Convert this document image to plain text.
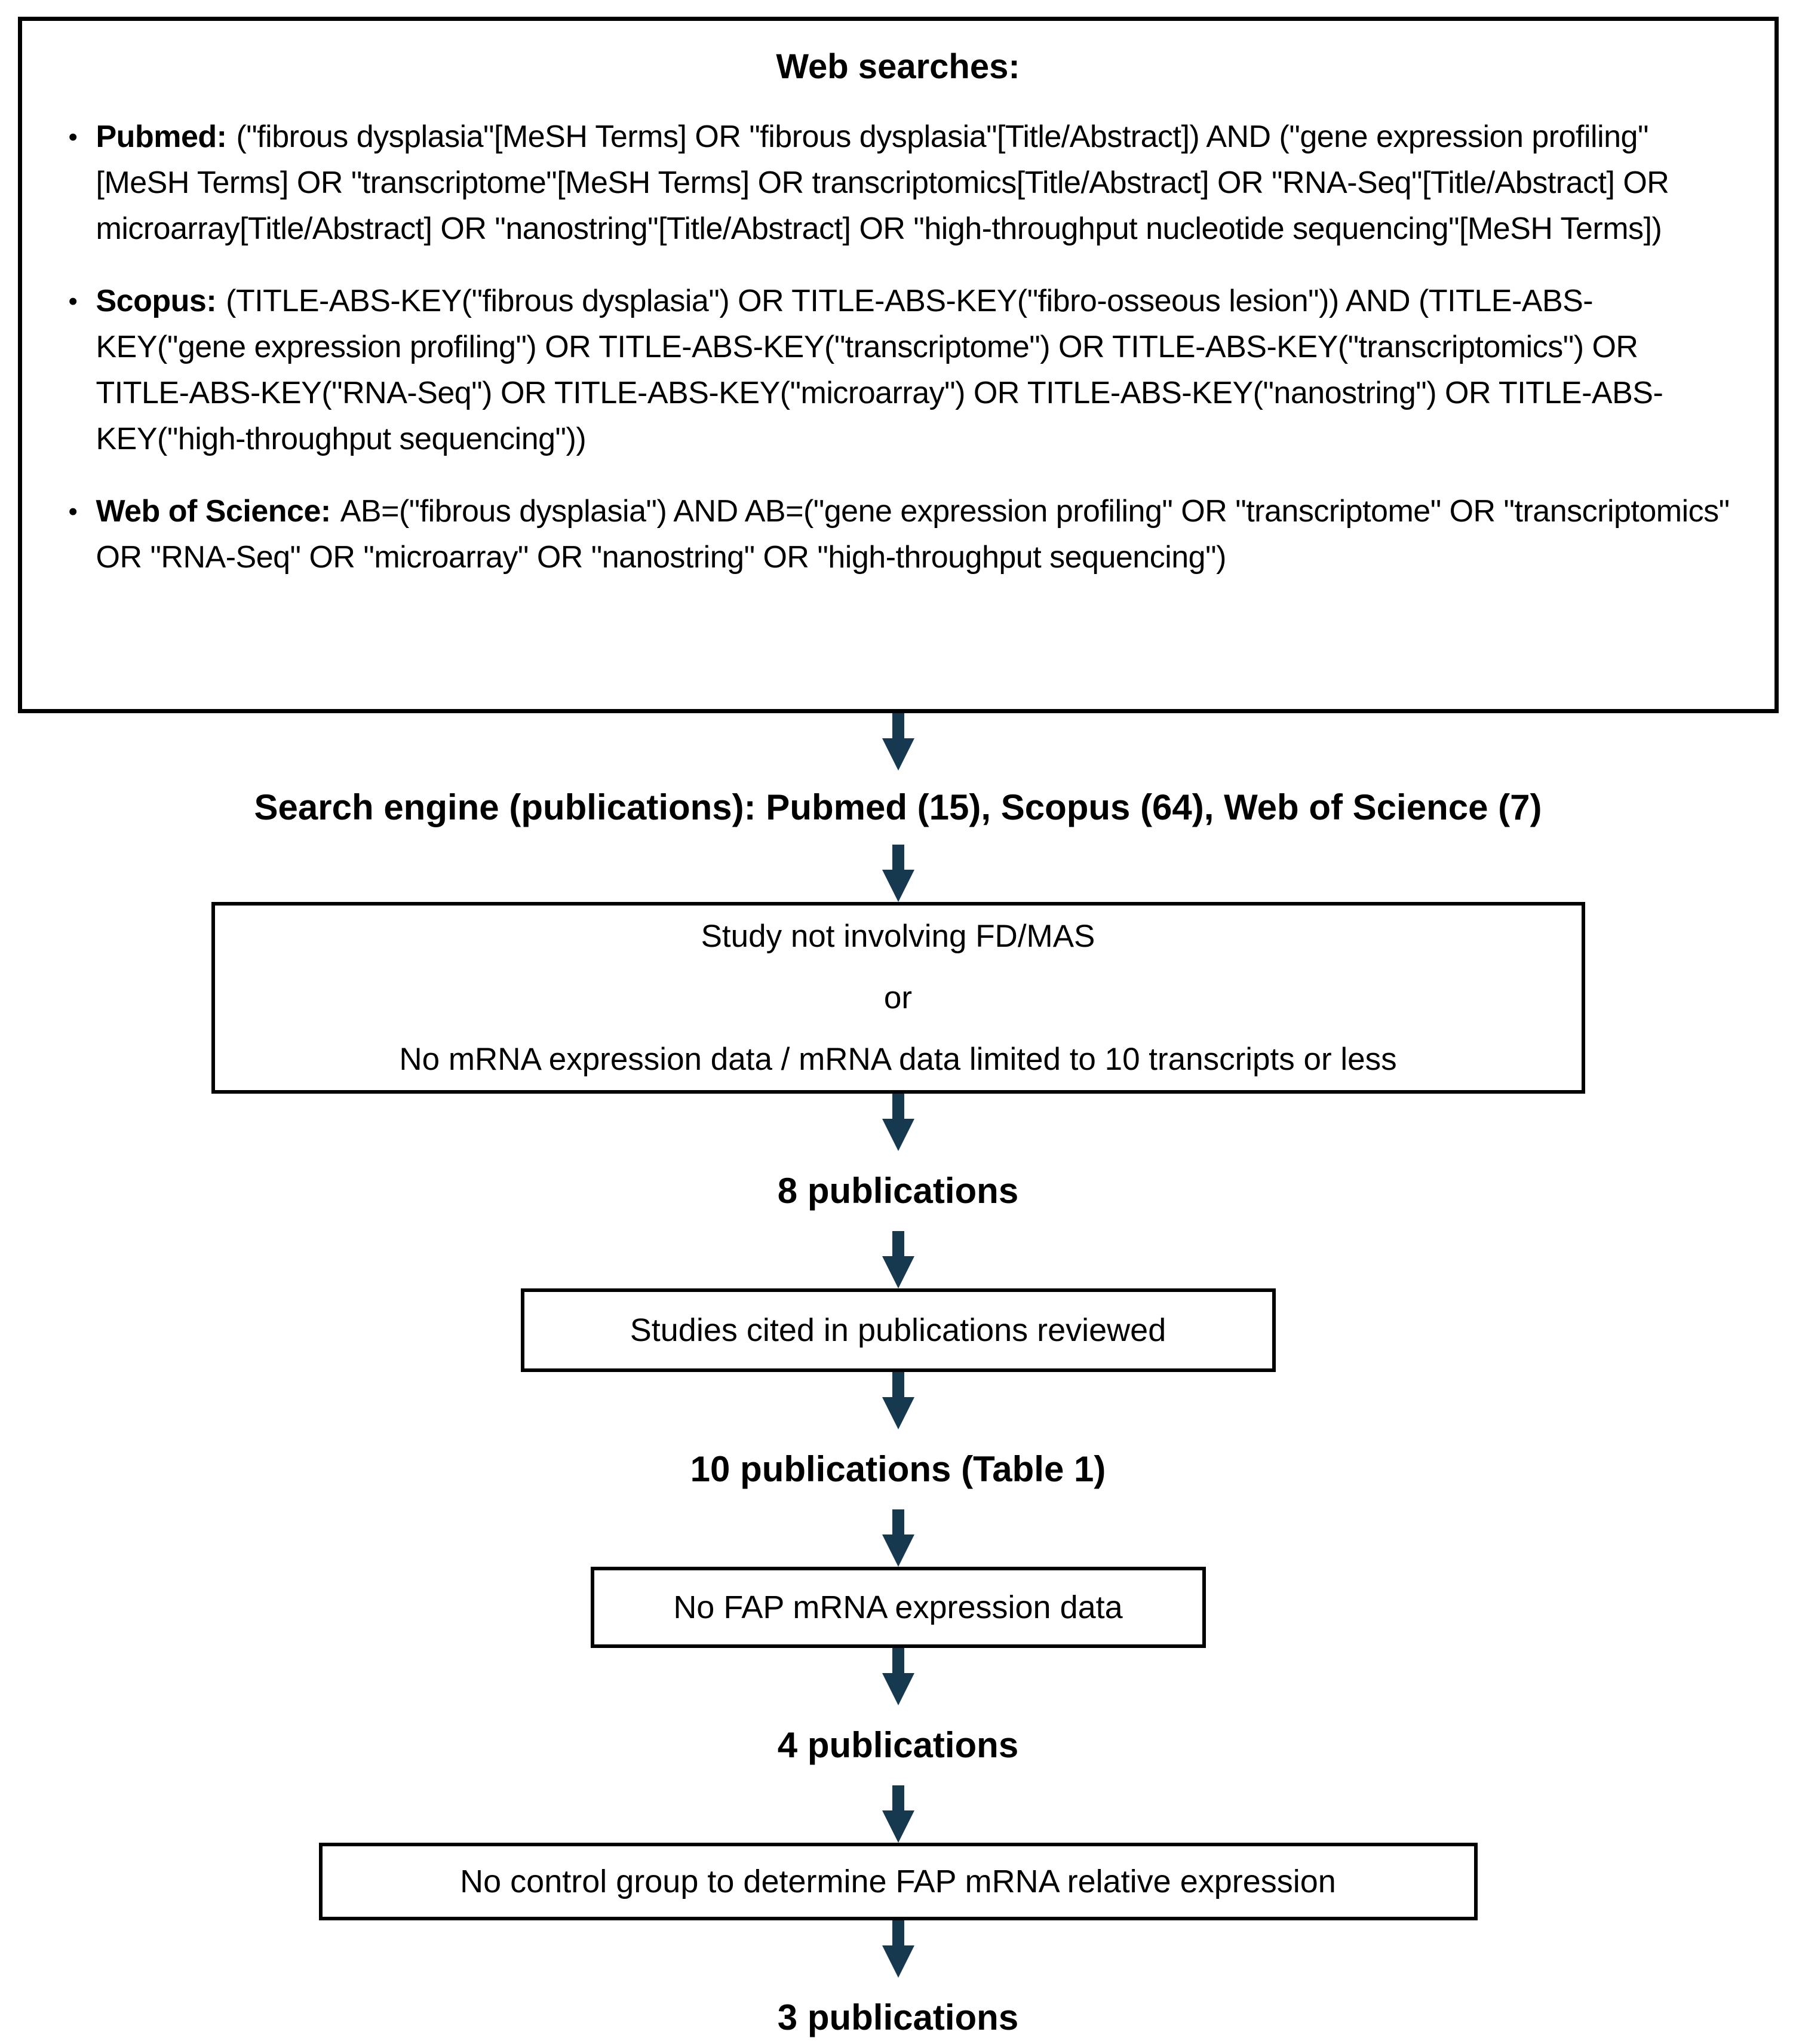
Web searches:
• Pubmed: ("fibrous dysplasia"[MeSH Terms] OR "fibrous dysplasia"[Title/Abstract]) AND ("gene expression profiling"[MeSH Terms] OR "transcriptome"[MeSH Terms] OR transcriptomics[Title/Abstract] OR "RNA-Seq"[Title/Abstract] OR microarray[Title/Abstract] OR "nanostring"[Title/Abstract] OR "high-throughput nucleotide sequencing"[MeSH Terms])
• Scopus: (TITLE-ABS-KEY("fibrous dysplasia") OR TITLE-ABS-KEY("fibro-osseous lesion")) AND (TITLE-ABS-KEY("gene expression profiling") OR TITLE-ABS-KEY("transcriptome") OR TITLE-ABS-KEY("transcriptomics") OR TITLE-ABS-KEY("RNA-Seq") OR TITLE-ABS-KEY("microarray") OR TITLE-ABS-KEY("nanostring") OR TITLE-ABS-KEY("high-throughput sequencing"))
• Web of Science: AB=("fibrous dysplasia") AND AB=("gene expression profiling" OR "transcriptome" OR "transcriptomics" OR "RNA-Seq" OR "microarray" OR "nanostring" OR "high-throughput sequencing")
Search engine (publications): Pubmed (15), Scopus (64), Web of Science (7)
Study not involving FD/MAS
or
No mRNA expression data / mRNA data limited to 10 transcripts or less
8 publications
Studies cited in publications reviewed
10 publications (Table 1)
No FAP mRNA expression data
4 publications
No control group to determine FAP mRNA relative expression
3 publications
